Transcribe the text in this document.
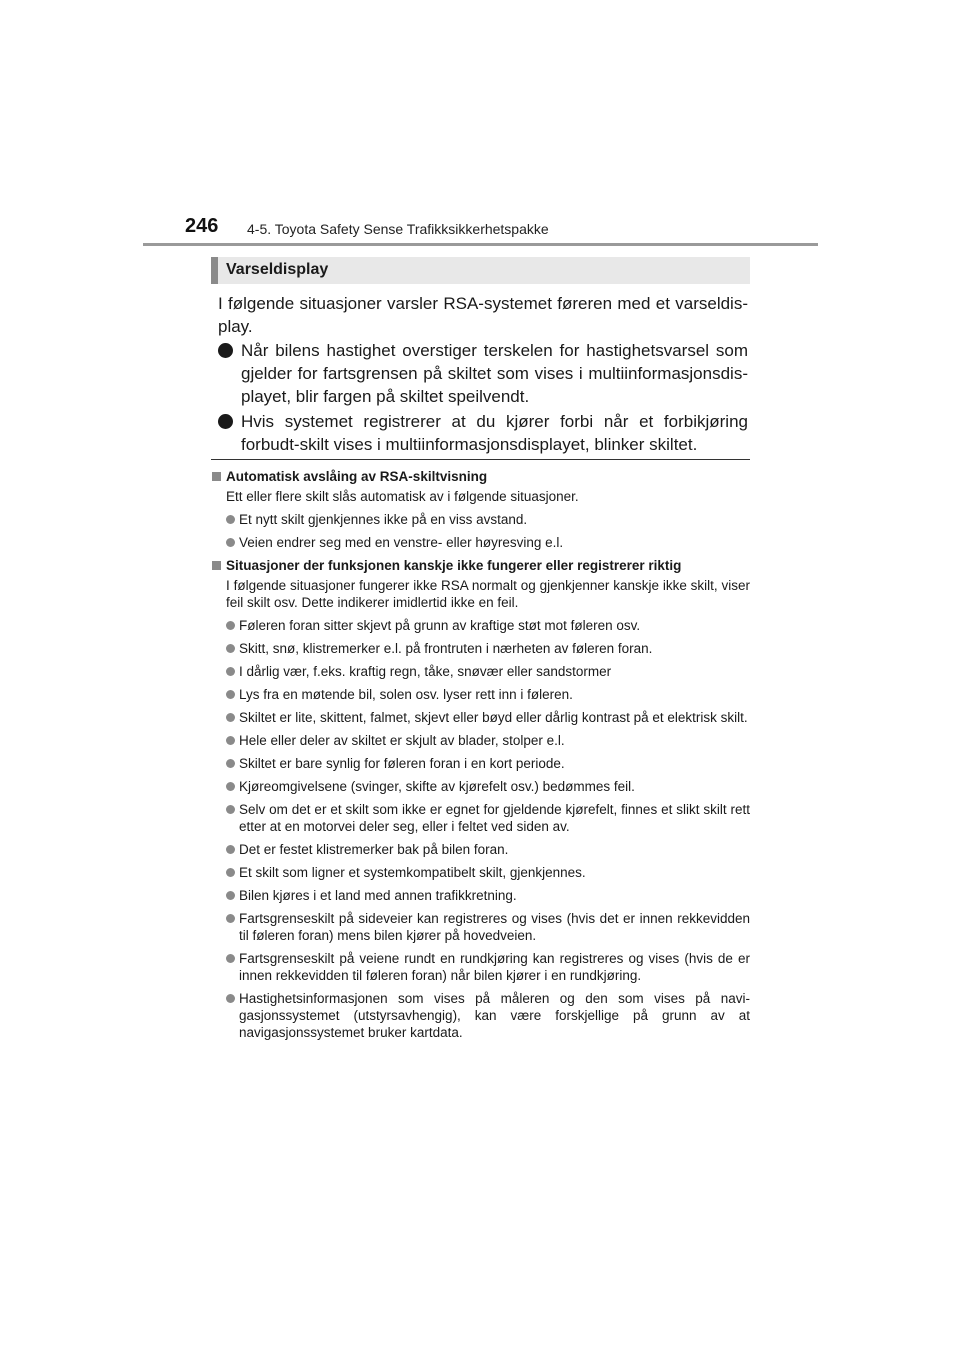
246 4-5. Toyota Safety Sense Trafikksikkerhetspakke
Varseldisplay
I følgende situasjoner varsler RSA-systemet føreren med et varseldis-play.
Når bilens hastighet overstiger terskelen for hastighetsvarsel som gjelder for fartsgrensen på skiltet som vises i multiinformasjonsdis-playet, blir fargen på skiltet speilvendt.
Hvis systemet registrerer at du kjører forbi når et forbikjøring forbudt-skilt vises i multiinformasjonsdisplayet, blinker skiltet.
Automatisk avslåing av RSA-skiltvisning
Ett eller flere skilt slås automatisk av i følgende situasjoner.
Et nytt skilt gjenkjennes ikke på en viss avstand.
Veien endrer seg med en venstre- eller høyresving e.l.
Situasjoner der funksjonen kanskje ikke fungerer eller registrerer riktig
I følgende situasjoner fungerer ikke RSA normalt og gjenkjenner kanskje ikke skilt, viser feil skilt osv. Dette indikerer imidlertid ikke en feil.
Føleren foran sitter skjevt på grunn av kraftige støt mot føleren osv.
Skitt, snø, klistremerker e.l. på frontruten i nærheten av føleren foran.
I dårlig vær, f.eks. kraftig regn, tåke, snøvær eller sandstormer
Lys fra en møtende bil, solen osv. lyser rett inn i føleren.
Skiltet er lite, skittent, falmet, skjevt eller bøyd eller dårlig kontrast på et elektrisk skilt.
Hele eller deler av skiltet er skjult av blader, stolper e.l.
Skiltet er bare synlig for føleren foran i en kort periode.
Kjøreomgivelsene (svinger, skifte av kjørefelt osv.) bedømmes feil.
Selv om det er et skilt som ikke er egnet for gjeldende kjørefelt, finnes et slikt skilt rett etter at en motorvei deler seg, eller i feltet ved siden av.
Det er festet klistremerker bak på bilen foran.
Et skilt som ligner et systemkompatibelt skilt, gjenkjennes.
Bilen kjøres i et land med annen trafikkretning.
Fartsgrenseskilt på sideveier kan registreres og vises (hvis det er innen rekkevidden til føleren foran) mens bilen kjører på hovedveien.
Fartsgrenseskilt på veiene rundt en rundkjøring kan registreres og vises (hvis de er innen rekkevidden til føleren foran) når bilen kjører i en rundkjøring.
Hastighetsinformasjonen som vises på måleren og den som vises på navi-gasjonssystemet (utstyrsavhengig), kan være forskjellige på grunn av at navigasjonssystemet bruker kartdata.
